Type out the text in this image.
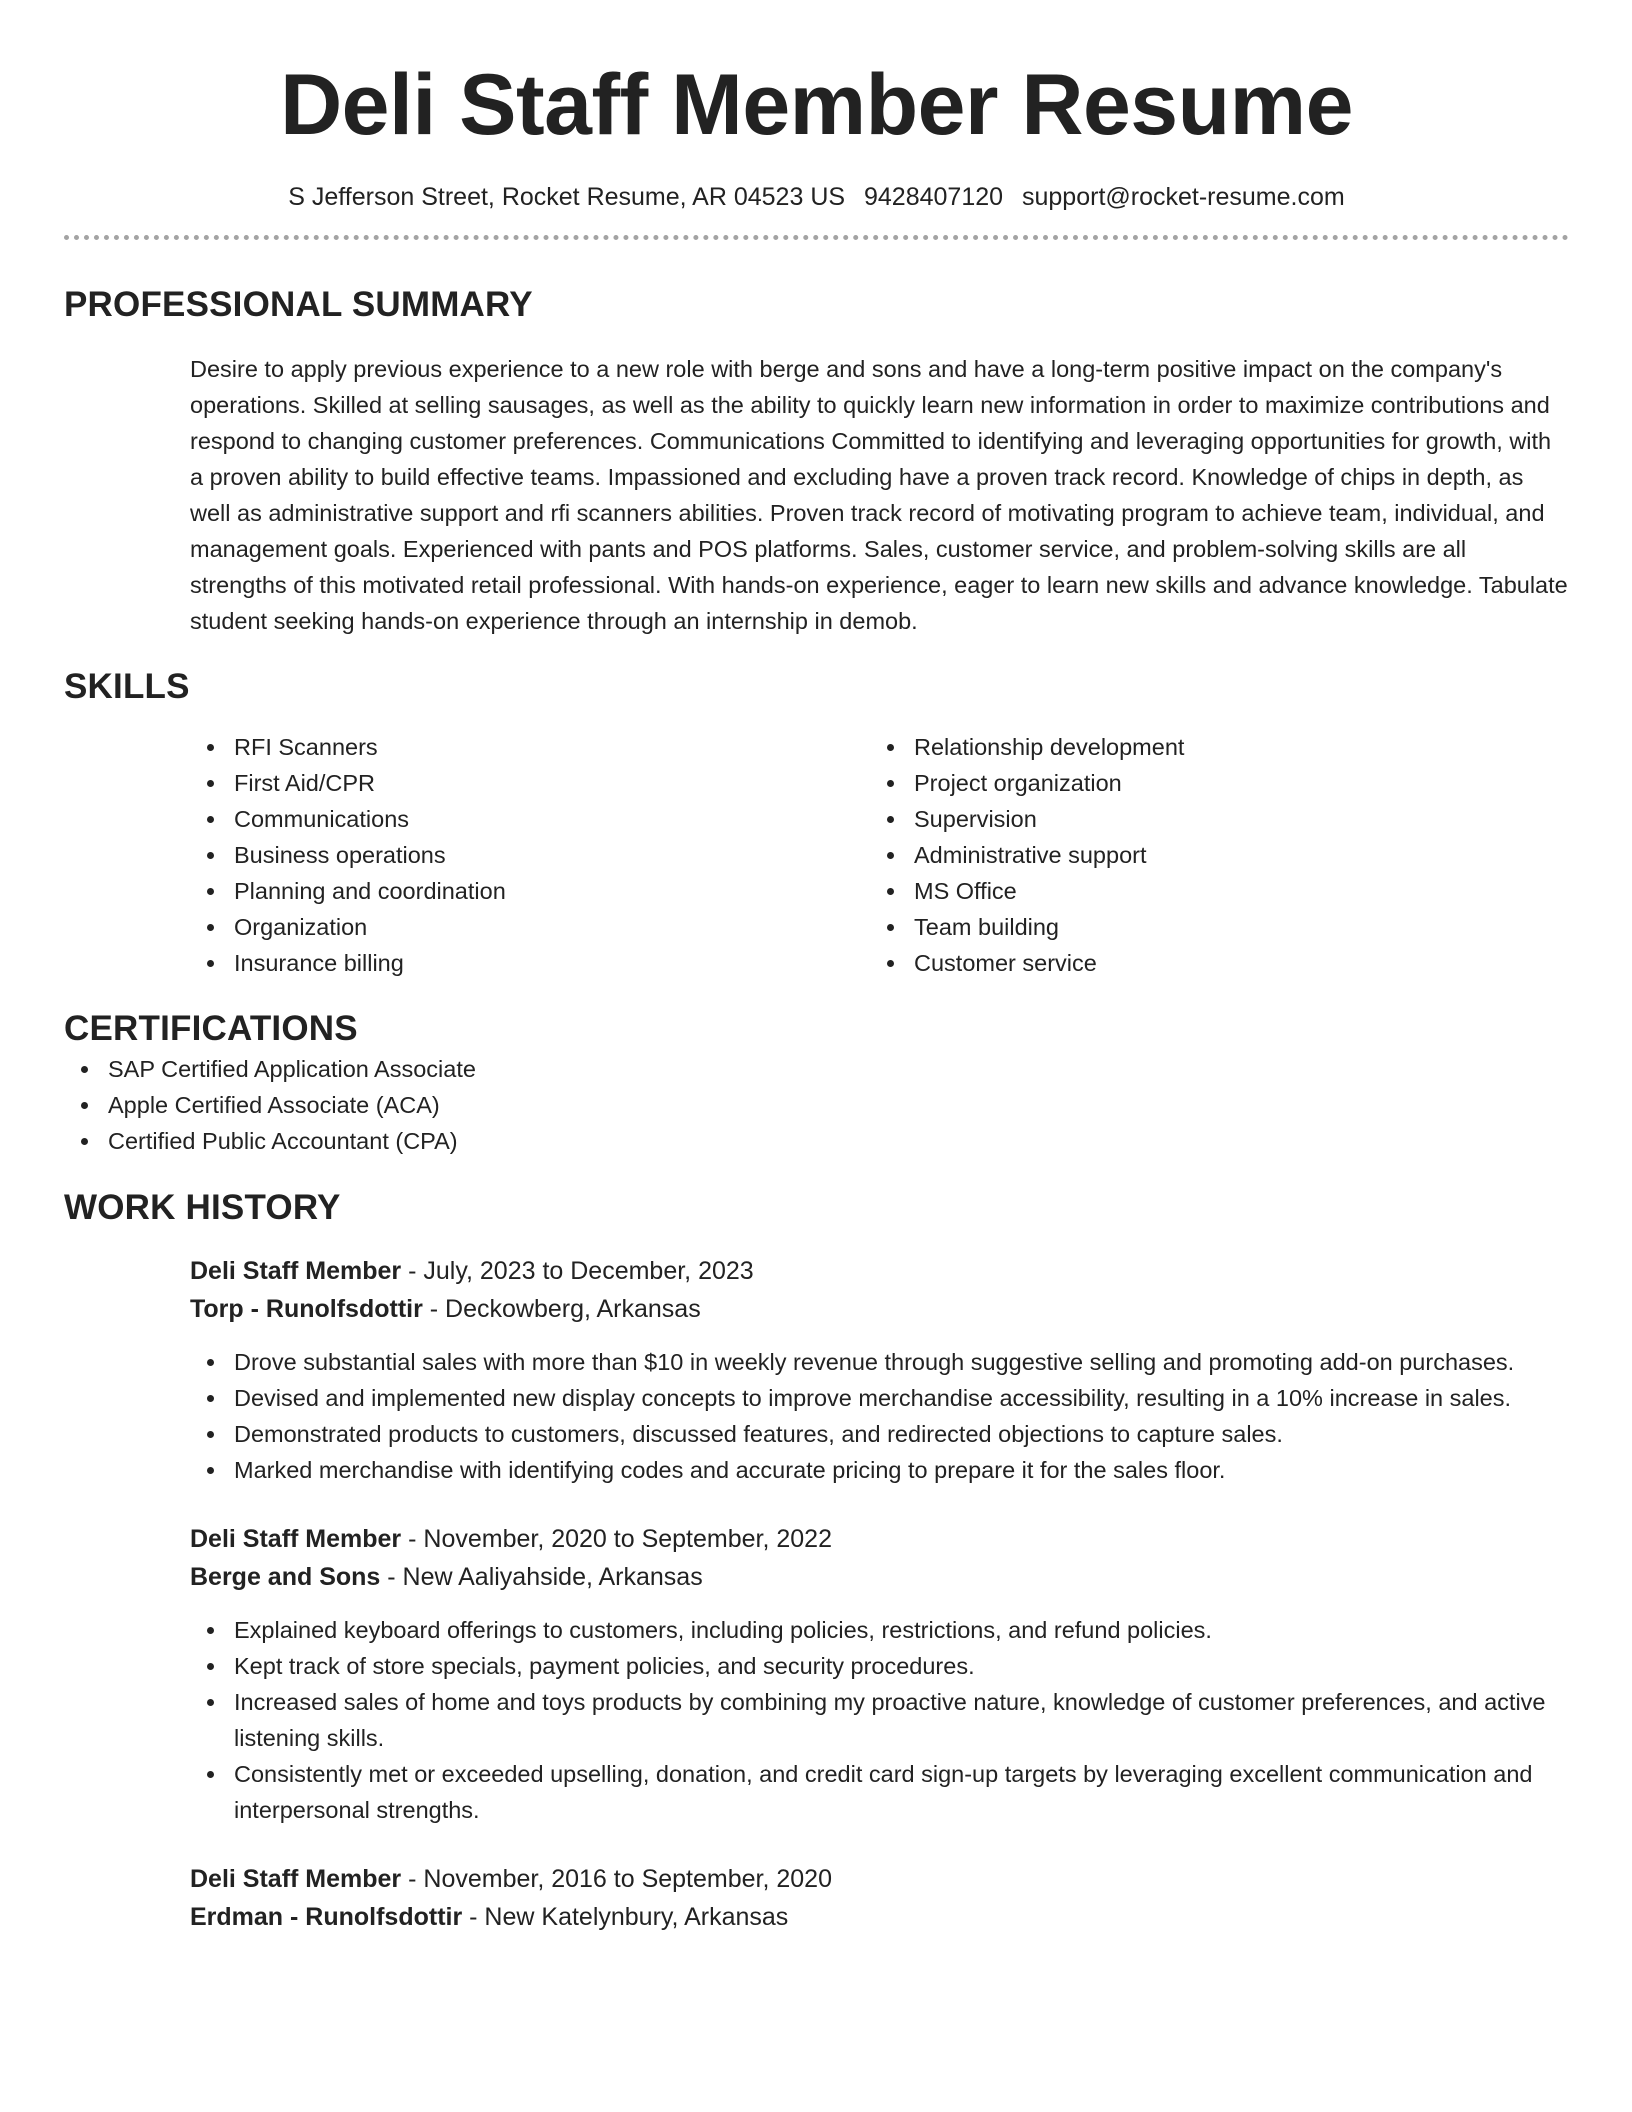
Deli Staff Member Resume
S Jefferson Street, Rocket Resume, AR 04523 US 9428407120 support@rocket-resume.com
PROFESSIONAL SUMMARY

Desire to apply previous experience to a new role with berge and sons and have a long-term positive impact on the company's operations. Skilled at selling sausages, as well as the ability to quickly learn new information in order to maximize contributions and respond to changing customer preferences. Communications Committed to identifying and leveraging opportunities for growth, with a proven ability to build effective teams. Impassioned and excluding have a proven track record. Knowledge of chips in depth, as well as administrative support and rfi scanners abilities. Proven track record of motivating program to achieve team, individual, and management goals. Experienced with pants and POS platforms. Sales, customer service, and problem-solving skills are all strengths of this motivated retail professional. With hands-on experience, eager to learn new skills and advance knowledge. Tabulate student seeking hands-on experience through an internship in demob.

SKILLS
RFI Scanners
First Aid/CPR
Communications
Business operations
Planning and coordination
Organization
Insurance billing
Relationship development
Project organization
Supervision
Administrative support
MS Office
Team building
Customer service
CERTIFICATIONS
SAP Certified Application Associate
Apple Certified Associate (ACA)
Certified Public Accountant (CPA)
WORK HISTORY
Deli Staff Member - July, 2023 to December, 2023
Torp - Runolfsdottir - Deckowberg, Arkansas
Drove substantial sales with more than $10 in weekly revenue through suggestive selling and promoting add-on purchases.
Devised and implemented new display concepts to improve merchandise accessibility, resulting in a 10% increase in sales.
Demonstrated products to customers, discussed features, and redirected objections to capture sales.
Marked merchandise with identifying codes and accurate pricing to prepare it for the sales floor.
Deli Staff Member - November, 2020 to September, 2022
Berge and Sons - New Aaliyahside, Arkansas
Explained keyboard offerings to customers, including policies, restrictions, and refund policies.
Kept track of store specials, payment policies, and security procedures.
Increased sales of home and toys products by combining my proactive nature, knowledge of customer preferences, and active listening skills.
Consistently met or exceeded upselling, donation, and credit card sign-up targets by leveraging excellent communication and interpersonal strengths.
Deli Staff Member - November, 2016 to September, 2020
Erdman - Runolfsdottir - New Katelynbury, Arkansas
